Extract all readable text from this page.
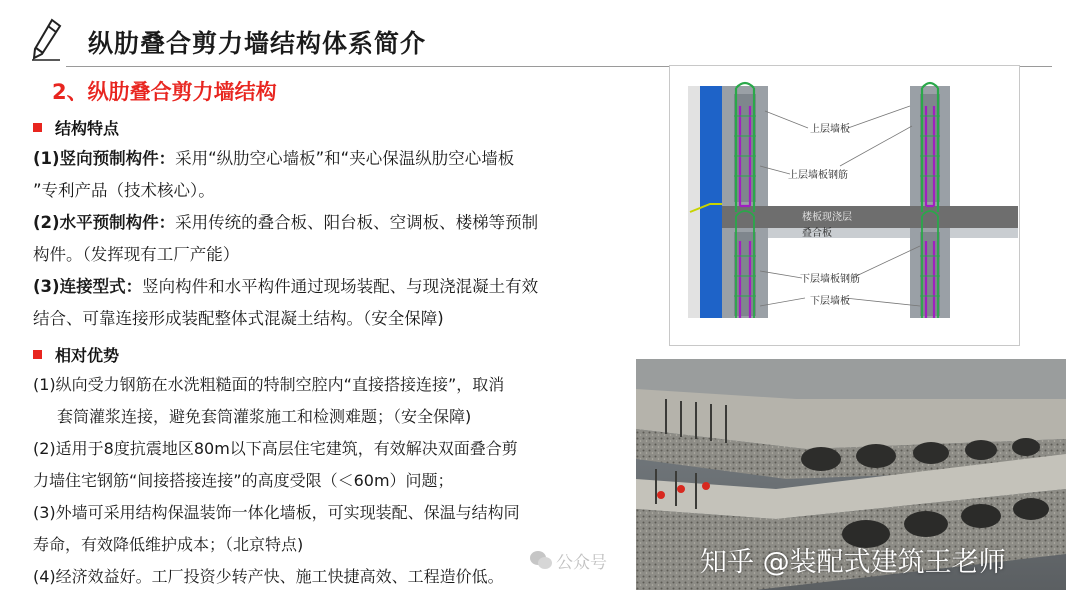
纵肋叠合剪力墙结构体系简介
2、纵肋叠合剪力墙结构
结构特点
(1)竖向预制构件：采用“纵肋空心墙板”和“夹心保温纵肋空心墙板
”专利产品（技术核心）。
(2)水平预制构件：采用传统的叠合板、阳台板、空调板、楼梯等预制
构件。（发挥现有工厂产能）
(3)连接型式：竖向构件和水平构件通过现场装配、与现浇混凝土有效
结合、可靠连接形成装配整体式混凝土结构。（安全保障)
相对优势
(1)纵向受力钢筋在水洗粗糙面的特制空腔内“直接搭接连接”，取消
套筒灌浆连接，避免套筒灌浆施工和检测难题；（安全保障)
(2)适用于8度抗震地区80m以下高层住宅建筑，有效解决双面叠合剪
力墙住宅钢筋“间接搭接连接”的高度受限（＜60m）问题；
(3)外墙可采用结构保温装饰一体化墙板，可实现装配、保温与结构同
寿命，有效降低维护成本；（北京特点)
(4)经济效益好。工厂投资少转产快、施工快捷高效、工程造价低。
上层墙板
上层墙板钢筋
楼板现浇层
叠合板
下层墙板钢筋
下层墙板
公众号	知乎 @装配式建筑王老师
